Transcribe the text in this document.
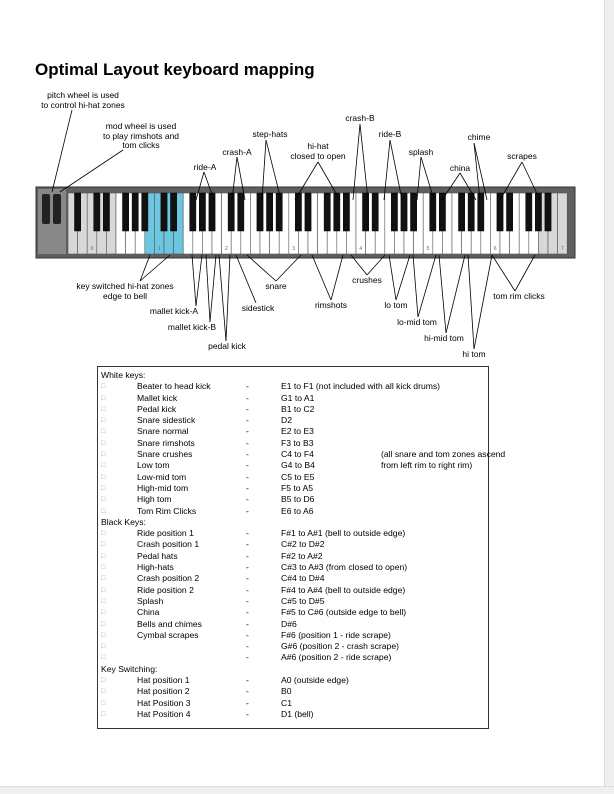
Optimal Layout keyboard mapping
0	1	2	3	4	5	6	7
pitch wheel is used
to control hi-hat zones
mod wheel is used
to play rimshots and
tom clicks
ride-A
crash-A
step-hats
hi-hat
closed to open
crash-B
ride-B
splash
chime
china
scrapes
key switched hi-hat zones
edge to bell
mallet kick-A
mallet kick-B
pedal kick
sidestick
snare
rimshots
crushes
lo tom
lo-mid tom
hi-mid tom
hi tom
tom rim clicks
White keys:
□	Beater to head kick	-	E1 to F1 (not included with all kick drums)
□	Mallet kick	-	G1 to A1
□	Pedal kick	-	B1 to C2
□	Snare sidestick	-	D2
□	Snare normal	-	E2 to E3
□	Snare rimshots	-	F3 to B3
□	Snare crushes	-	C4 to F4	(all snare and tom zones ascend
□	Low tom	-	G4 to B4	from left rim to right rim)
□	Low-mid tom	-	C5 to E5
□	High-mid tom	-	F5 to A5
□	High tom	-	B5 to D6
□	Tom Rim Clicks	-	E6 to A6
Black Keys:
□	Ride position 1	-	F#1 to A#1 (bell to outside edge)
□	Crash position 1	-	C#2 to D#2
□	Pedal hats	-	F#2 to A#2
□	High-hats	-	C#3 to A#3 (from closed to open)
□	Crash position 2	-	C#4 to D#4
□	Ride position 2	-	F#4 to A#4 (bell to outside edge)
□	Splash	-	C#5 to D#5
□	China	-	F#5 to C#6 (outside edge to bell)
□	Bells and chimes	-	D#6
□	Cymbal scrapes	-	F#6 (position 1 - ride scrape)
□	-	G#6 (position 2 - crash scrape)
□	-	A#6 (position 2 - ride scrape)
Key Switching:
□	Hat position 1	-	A0 (outside edge)
□	Hat position 2	-	B0
□	Hat Position 3	-	C1
□	Hat Position 4	-	D1 (bell)
